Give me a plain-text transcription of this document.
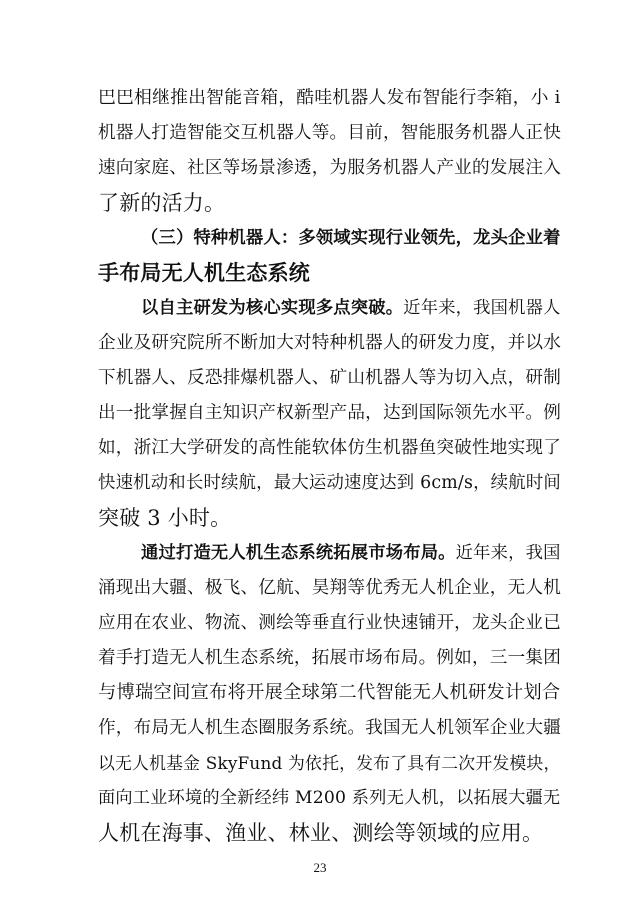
巴巴相继推出智能音箱，酷哇机器人发布智能行李箱，小 i
机器人打造智能交互机器人等。目前，智能服务机器人正快
速向家庭、社区等场景渗透，为服务机器人产业的发展注入
了新的活力。
（三）特种机器人：多领域实现行业领先，龙头企业着
手布局无人机生态系统
以自主研发为核心实现多点突破。近年来，我国机器人
企业及研究院所不断加大对特种机器人的研发力度，并以水
下机器人、反恐排爆机器人、矿山机器人等为切入点，研制
出一批掌握自主知识产权新型产品，达到国际领先水平。例
如，浙江大学研发的高性能软体仿生机器鱼突破性地实现了
快速机动和长时续航，最大运动速度达到 6cm/s，续航时间
突破 3 小时。
通过打造无人机生态系统拓展市场布局。近年来，我国
涌现出大疆、极飞、亿航、昊翔等优秀无人机企业，无人机
应用在农业、物流、测绘等垂直行业快速铺开，龙头企业已
着手打造无人机生态系统，拓展市场布局。例如，三一集团
与博瑞空间宣布将开展全球第二代智能无人机研发计划合
作，布局无人机生态圈服务系统。我国无人机领军企业大疆
以无人机基金 SkyFund 为依托，发布了具有二次开发模块，
面向工业环境的全新经纬 M200 系列无人机，以拓展大疆无
人机在海事、渔业、林业、测绘等领域的应用。
23
